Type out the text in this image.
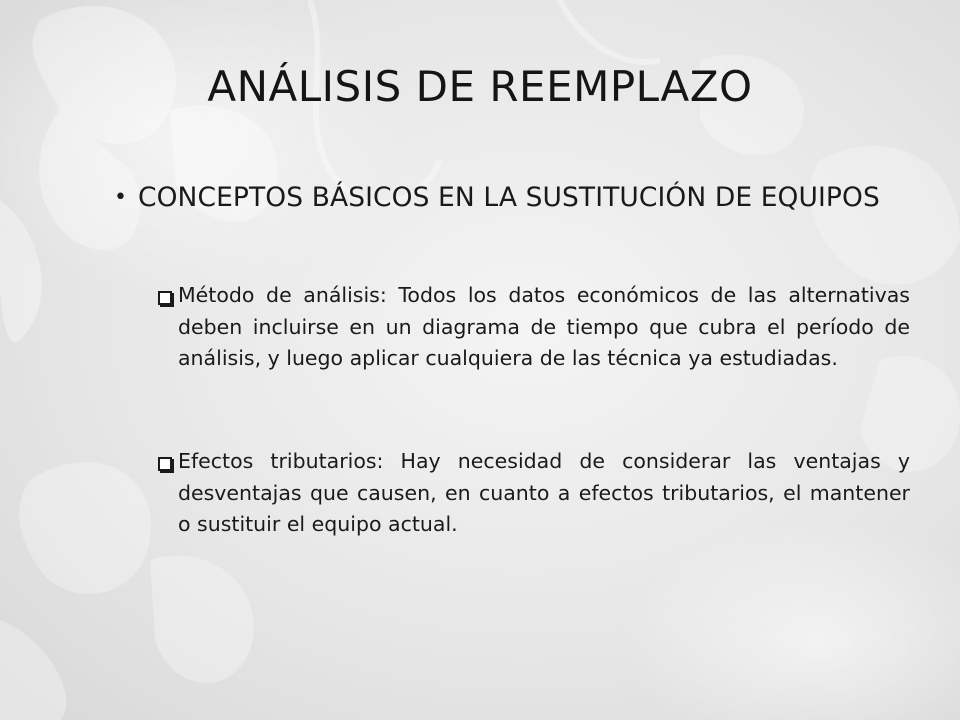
ANÁLISIS DE REEMPLAZO
• CONCEPTOS BÁSICOS EN LA SUSTITUCIÓN DE EQUIPOS
Método de análisis: Todos los datos económicos de las alternativas deben incluirse en un diagrama de tiempo que cubra el período de análisis, y luego aplicar cualquiera de las técnica ya estudiadas.
Efectos tributarios: Hay necesidad de considerar las ventajas y desventajas que causen, en cuanto a efectos tributarios, el mantener o sustituir el equipo actual.
